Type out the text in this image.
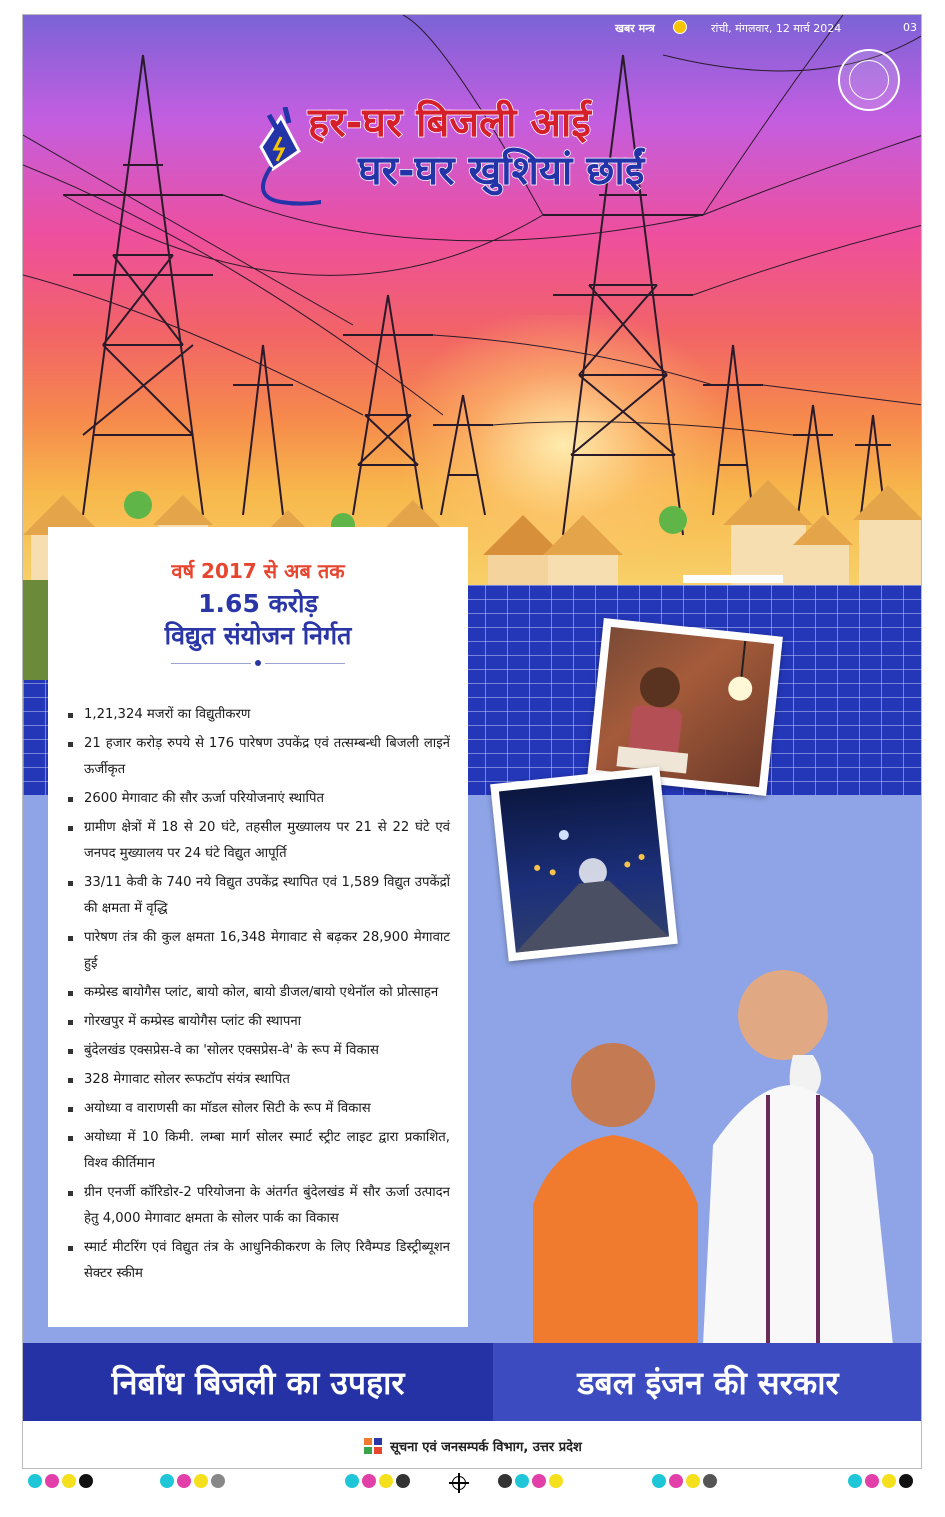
खबर मन्त्र	रांची, मंगलवार, 12 मार्च 2024	03
हर-घर बिजली आई
घर-घर खुशियां छाईं
वर्ष 2017 से अब तक
1.65 करोड़
विद्युत संयोजन निर्गत
1,21,324 मजरों का विद्युतीकरण
21 हजार करोड़ रुपये से 176 पारेषण उपकेंद्र एवं तत्सम्बन्धी बिजली लाइनें ऊर्जीकृत
2600 मेगावाट की सौर ऊर्जा परियोजनाएं स्थापित
ग्रामीण क्षेत्रों में 18 से 20 घंटे, तहसील मुख्यालय पर 21 से 22 घंटे एवं जनपद मुख्यालय पर 24 घंटे विद्युत आपूर्ति
33/11 केवी के 740 नये विद्युत उपकेंद्र स्थापित एवं 1,589 विद्युत उपकेंद्रों की क्षमता में वृद्धि
पारेषण तंत्र की कुल क्षमता 16,348 मेगावाट से बढ़कर 28,900 मेगावाट हुई
कम्प्रेस्ड बायोगैस प्लांट, बायो कोल, बायो डीजल/बायो एथेनॉल को प्रोत्साहन
गोरखपुर में कम्प्रेस्ड बायोगैस प्लांट की स्थापना
बुंदेलखंड एक्सप्रेस-वे का 'सोलर एक्सप्रेस-वे' के रूप में विकास
328 मेगावाट सोलर रूफटॉप संयंत्र स्थापित
अयोध्या व वाराणसी का मॉडल सोलर सिटी के रूप में विकास
अयोध्या में 10 किमी. लम्बा मार्ग सोलर स्मार्ट स्ट्रीट लाइट द्वारा प्रकाशित, विश्व कीर्तिमान
ग्रीन एनर्जी कॉरिडोर-2 परियोजना के अंतर्गत बुंदेलखंड में सौर ऊर्जा उत्पादन हेतु 4,000 मेगावाट क्षमता के सोलर पार्क का विकास
स्मार्ट मीटरिंग एवं विद्युत तंत्र के आधुनिकीकरण के लिए रिवैम्पड डिस्ट्रीब्यूशन सेक्टर स्कीम
निर्बाध बिजली का उपहार	डबल इंजन की सरकार
सूचना एवं जनसम्पर्क विभाग, उत्तर प्रदेश
